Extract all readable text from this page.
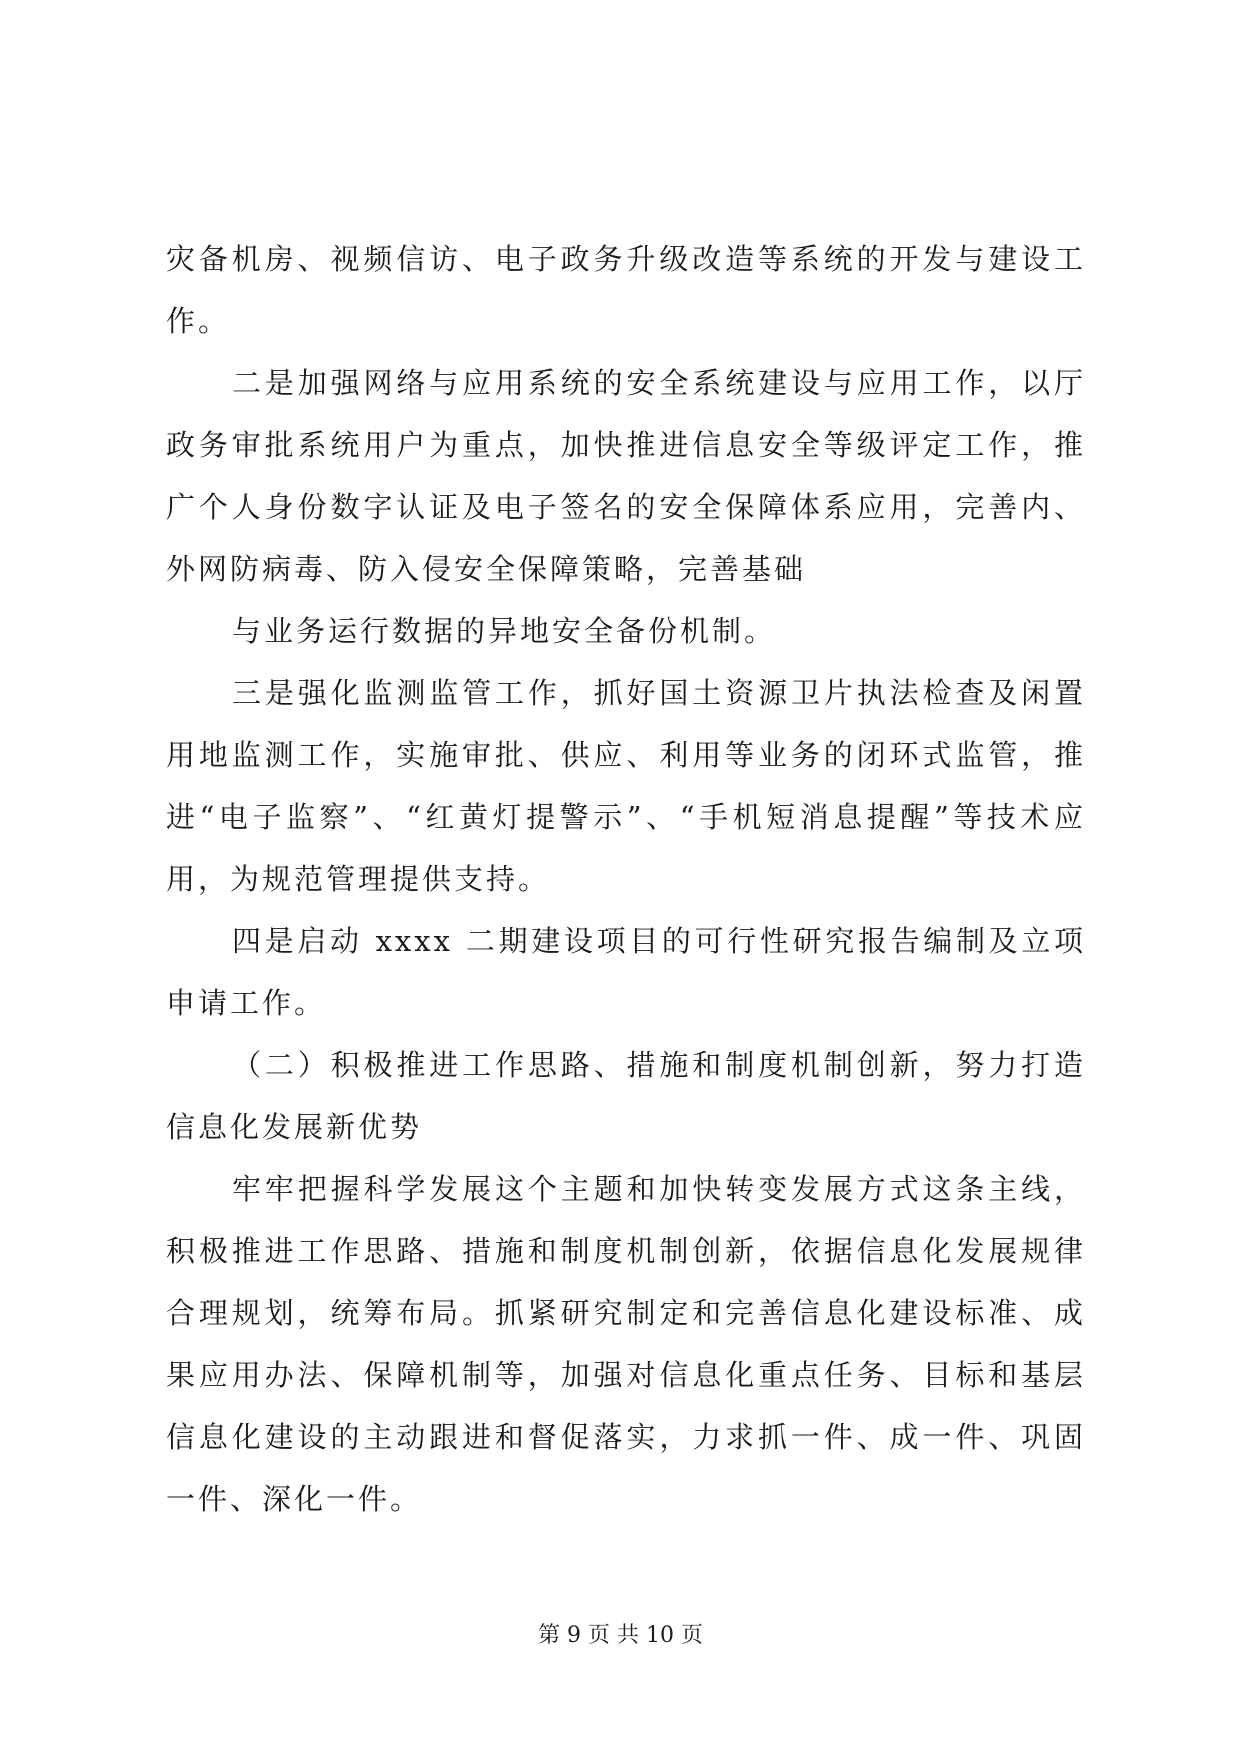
灾备机房、视频信访、电子政务升级改造等系统的开发与建设工作。

二是加强网络与应用系统的安全系统建设与应用工作，以厅政务审批系统用户为重点，加快推进信息安全等级评定工作，推广个人身份数字认证及电子签名的安全保障体系应用，完善内、外网防病毒、防入侵安全保障策略，完善基础

与业务运行数据的异地安全备份机制。

三是强化监测监管工作，抓好国土资源卫片执法检查及闲置用地监测工作，实施审批、供应、利用等业务的闭环式监管，推进“电子监察”、“红黄灯提警示”、“手机短消息提醒”等技术应用，为规范管理提供支持。

四是启动 xxxx 二期建设项目的可行性研究报告编制及立项申请工作。

（二）积极推进工作思路、措施和制度机制创新，努力打造信息化发展新优势

牢牢把握科学发展这个主题和加快转变发展方式这条主线，积极推进工作思路、措施和制度机制创新，依据信息化发展规律合理规划，统筹布局。抓紧研究制定和完善信息化建设标准、成果应用办法、保障机制等，加强对信息化重点任务、目标和基层信息化建设的主动跟进和督促落实，力求抓一件、成一件、巩固一件、深化一件。

第 9 页 共 10 页
